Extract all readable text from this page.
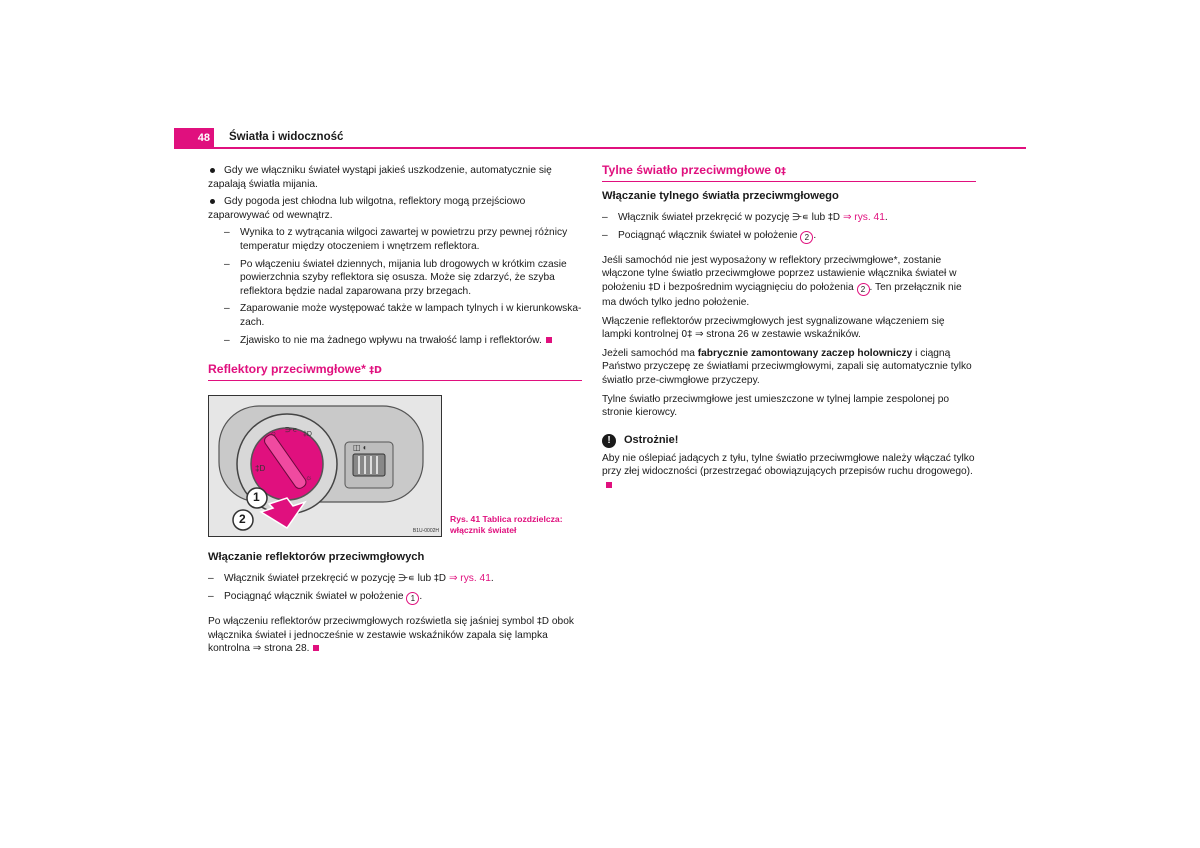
48	Światła i widoczność
Gdy we włączniku świateł wystąpi jakieś uszkodzenie, automatycznie się zapalają światła mijania.
Gdy pogoda jest chłodna lub wilgotna, reflektory mogą przejściowo zaparowywać od wewnątrz.
– Wynika to z wytrącania wilgoci zawartej w powietrzu przy pewnej różnicy temperatur między otoczeniem i wnętrzem reflektora.
– Po włączeniu świateł dziennych, mijania lub drogowych w krótkim czasie powierzchnia szyby reflektora się osusza. Może się zdarzyć, że szyba reflektora będzie nadal zaparowana przy brzegach.
– Zaparowanie może występować także w lampach tylnych i w kierunkowska-zach.
– Zjawisko to nie ma żadnego wpływu na trwałość lamp i reflektorów.
Reflektory przeciwmgłowe* ‡D
○ ⋺∊
‡D
‡D
☼
◫ ◐
1
2
B1U-0002H
Rys. 41 Tablica rozdzielcza:
włącznik świateł
Włączanie reflektorów przeciwmgłowych
– Włącznik świateł przekręcić w pozycję ⋺∊ lub ‡D ⇒ rys. 41.
– Pociągnąć włącznik świateł w położenie 1 .

Po włączeniu reflektorów przeciwmgłowych rozświetla się jaśniej symbol ‡D obok włącznika świateł i jednocześnie w zestawie wskaźników zapala się lampka kontrolna ⇒ strona 28.

Tylne światło przeciwmgłowe 0‡
Włączanie tylnego światła przeciwmgłowego
– Włącznik świateł przekręcić w pozycję ⋺∊ lub ‡D ⇒ rys. 41.
– Pociągnąć włącznik świateł w położenie 2 .

Jeśli samochód nie jest wyposażony w reflektory przeciwmgłowe*, zostanie włączone tylne światło przeciwmgłowe poprzez ustawienie włącznika świateł w położeniu ‡D i bezpośrednim wyciągnięciu do położenia 2 . Ten przełącznik nie ma dwóch tylko jedno położenie.

Włączenie reflektorów przeciwmgłowych jest sygnalizowane włączeniem się lampki kontrolnej 0‡ ⇒ strona 26 w zestawie wskaźników.

Jeżeli samochód ma fabrycznie zamontowany zaczep holowniczy i ciągną Państwo przyczepę ze światłami przeciwmgłowymi, zapali się automatycznie tylko światło prze-ciwmgłowe przyczepy.

Tylne światło przeciwmgłowe jest umieszczone w tylnej lampie zespolonej po stronie kierowcy.

!	Ostrożnie!

Aby nie oślepiać jadących z tyłu, tylne światło przeciwmgłowe należy włączać tylko przy złej widoczności (przestrzegać obowiązujących przepisów ruchu drogowego).
